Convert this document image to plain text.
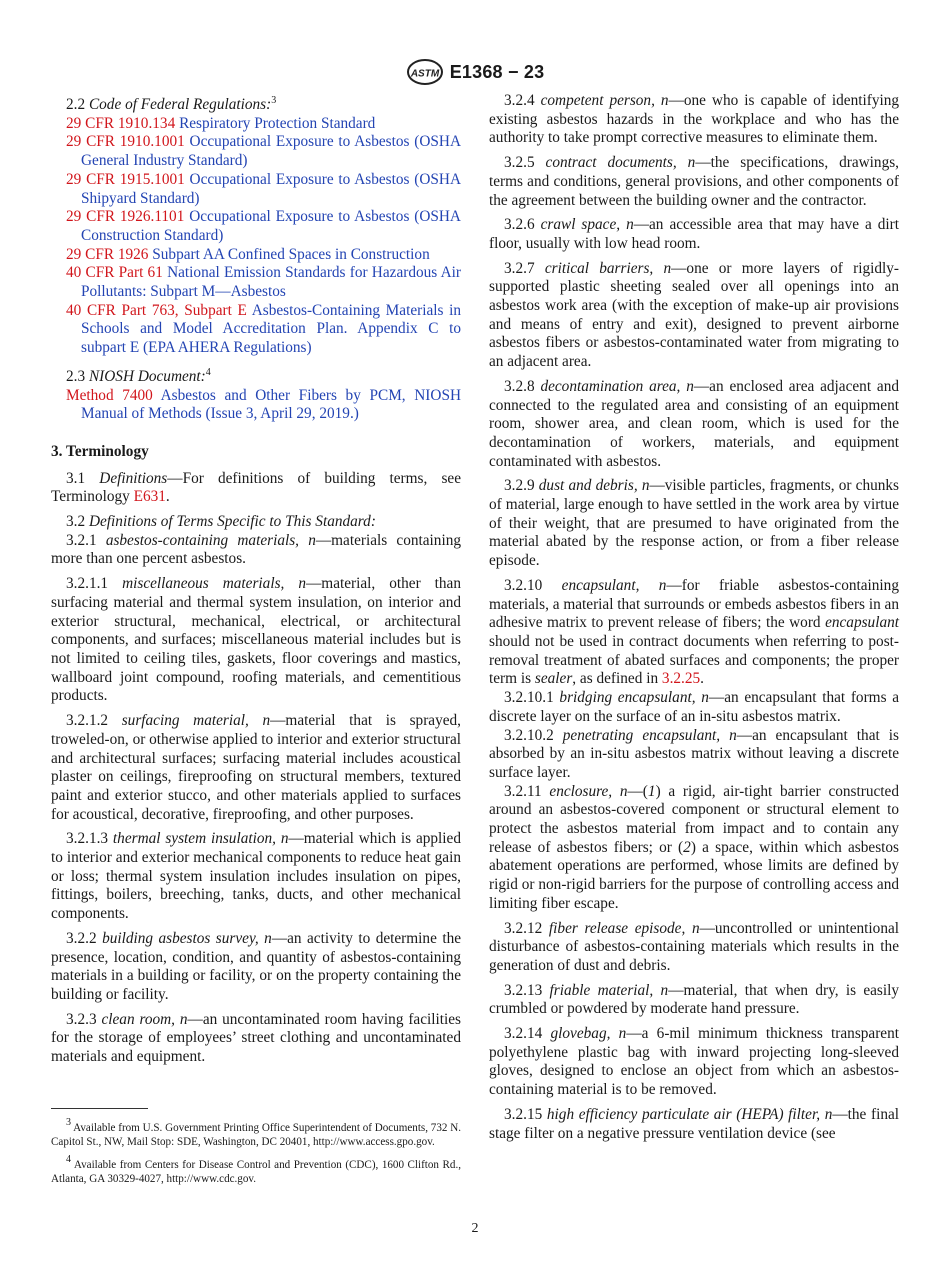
ASTM E1368 − 23
2.2 Code of Federal Regulations:$^3$
29 CFR 1910.134 Respiratory Protection Standard
29 CFR 1910.1001 Occupational Exposure to Asbestos (OSHA General Industry Standard)
29 CFR 1915.1001 Occupational Exposure to Asbestos (OSHA Shipyard Standard)
29 CFR 1926.1101 Occupational Exposure to Asbestos (OSHA Construction Standard)
29 CFR 1926 Subpart AA Confined Spaces in Construction
40 CFR Part 61 National Emission Standards for Hazardous Air Pollutants: Subpart M—Asbestos
40 CFR Part 763, Subpart E Asbestos-Containing Materials in Schools and Model Accreditation Plan. Appendix C to subpart E (EPA AHERA Regulations)
2.3 NIOSH Document:$^4$
Method 7400 Asbestos and Other Fibers by PCM, NIOSH Manual of Methods (Issue 3, April 29, 2019.)
3. Terminology

3.1 Definitions—For definitions of building terms, see Terminology E631.

3.2 Definitions of Terms Specific to This Standard:

3.2.1 asbestos-containing materials, n—materials containing more than one percent asbestos.

3.2.1.1 miscellaneous materials, n—material, other than surfacing material and thermal system insulation, on interior and exterior structural, mechanical, electrical, or architectural components, and surfaces; miscellaneous material includes but is not limited to ceiling tiles, gaskets, floor coverings and mastics, wallboard joint compound, roofing materials, and cementitious products.

3.2.1.2 surfacing material, n—material that is sprayed, troweled-on, or otherwise applied to interior and exterior structural and architectural surfaces; surfacing material includes acoustical plaster on ceilings, fireproofing on structural members, textured paint and exterior stucco, and other materials applied to surfaces for acoustical, decorative, fireproofing, and other purposes.

3.2.1.3 thermal system insulation, n—material which is applied to interior and exterior mechanical components to reduce heat gain or loss; thermal system insulation includes insulation on pipes, fittings, boilers, breeching, tanks, ducts, and other mechanical components.

3.2.2 building asbestos survey, n—an activity to determine the presence, location, condition, and quantity of asbestos-containing materials in a building or facility, or on the property containing the building or facility.

3.2.3 clean room, n—an uncontaminated room having facilities for the storage of employees’ street clothing and uncontaminated materials and equipment.

3 Available from U.S. Government Printing Office Superintendent of Documents, 732 N. Capitol St., NW, Mail Stop: SDE, Washington, DC 20401, http://www.access.gpo.gov.

4 Available from Centers for Disease Control and Prevention (CDC), 1600 Clifton Rd., Atlanta, GA 30329-4027, http://www.cdc.gov.

3.2.4 competent person, n—one who is capable of identifying existing asbestos hazards in the workplace and who has the authority to take prompt corrective measures to eliminate them.

3.2.5 contract documents, n—the specifications, drawings, terms and conditions, general provisions, and other components of the agreement between the building owner and the contractor.

3.2.6 crawl space, n—an accessible area that may have a dirt floor, usually with low head room.

3.2.7 critical barriers, n—one or more layers of rigidly-supported plastic sheeting sealed over all openings into an asbestos work area (with the exception of make-up air provisions and means of entry and exit), designed to prevent airborne asbestos fibers or asbestos-contaminated water from migrating to an adjacent area.

3.2.8 decontamination area, n—an enclosed area adjacent and connected to the regulated area and consisting of an equipment room, shower area, and clean room, which is used for the decontamination of workers, materials, and equipment contaminated with asbestos.

3.2.9 dust and debris, n—visible particles, fragments, or chunks of material, large enough to have settled in the work area by virtue of their weight, that are presumed to have originated from the material abated by the response action, or from a fiber release episode.

3.2.10 encapsulant, n—for friable asbestos-containing materials, a material that surrounds or embeds asbestos fibers in an adhesive matrix to prevent release of fibers; the word encapsulant should not be used in contract documents when referring to post-removal treatment of abated surfaces and components; the proper term is sealer, as defined in 3.2.25.

3.2.10.1 bridging encapsulant, n—an encapsulant that forms a discrete layer on the surface of an in-situ asbestos matrix.

3.2.10.2 penetrating encapsulant, n—an encapsulant that is absorbed by an in-situ asbestos matrix without leaving a discrete surface layer.

3.2.11 enclosure, n—(1) a rigid, air-tight barrier constructed around an asbestos-covered component or structural element to protect the asbestos material from impact and to contain any release of asbestos fibers; or (2) a space, within which asbestos abatement operations are performed, whose limits are defined by rigid or non-rigid barriers for the purpose of controlling access and limiting fiber escape.

3.2.12 fiber release episode, n—uncontrolled or unintentional disturbance of asbestos-containing materials which results in the generation of dust and debris.

3.2.13 friable material, n—material, that when dry, is easily crumbled or powdered by moderate hand pressure.

3.2.14 glovebag, n—a 6-mil minimum thickness transparent polyethylene plastic bag with inward projecting long-sleeved gloves, designed to enclose an object from which an asbestos-containing material is to be removed.

3.2.15 high efficiency particulate air (HEPA) filter, n—the final stage filter on a negative pressure ventilation device (see

2
